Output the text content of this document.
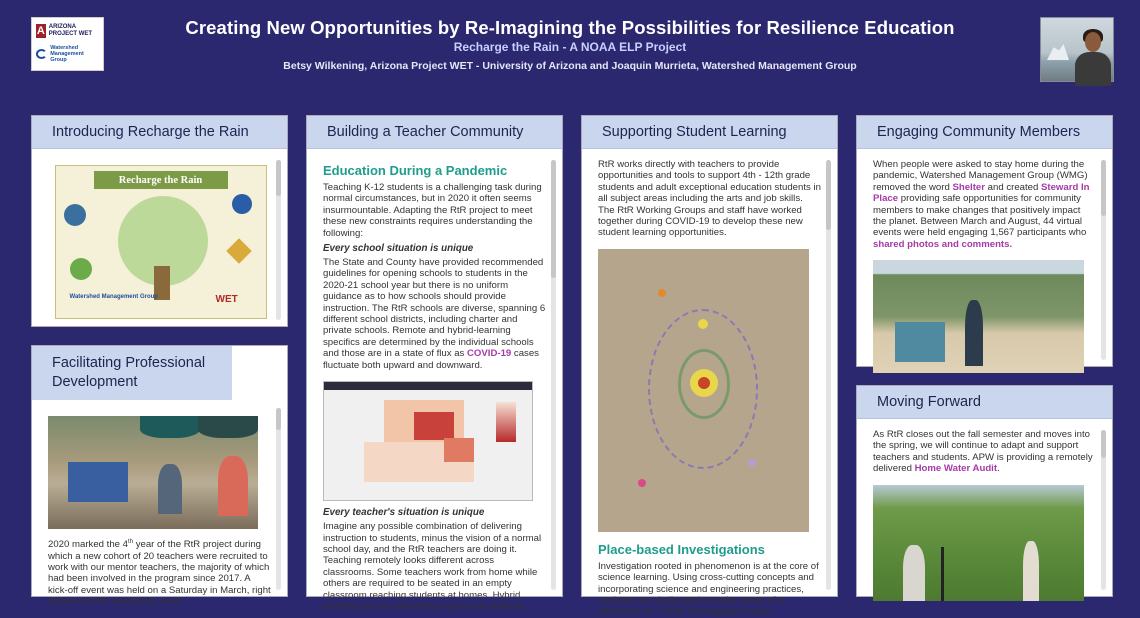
A ARIZONA PROJECT WET
Watershed Management Group
Creating New Opportunities by Re-Imagining the Possibilities for Resilience Education
Recharge the Rain - A NOAA ELP Project
Betsy Wilkening, Arizona Project WET - University of Arizona and Joaquin Murrieta, Watershed Management Group
Introducing Recharge the Rain
Recharge the Rain
Watershed Management Group	WET
Facilitating Professional Development

2020 marked the 4th year of the RtR project during which a new cohort of 20 teachers were recruited to work with our mentor teachers, the majority of which had been involved in the program since 2017. A kick-off event was held on a Saturday in March, right before COVID restrictions were

Building a Teacher Community
Education During a Pandemic

Teaching K-12 students is a challenging task during normal circumstances, but in 2020 it often seems insurmountable. Adapting the RtR project to meet these new constraints requires understanding the following:

Every school situation is unique

The State and County have provided recommended guidelines for opening schools to students in the 2020-21 school year but there is no uniform guidance as to how schools should provide instruction. The RtR schools are diverse, spanning 6 different school districts, including charter and private schools. Remote and hybrid-learning specifics are determined by the individual schools and those are in a state of flux as COVID-19 cases fluctuate both upward and downward.

Every teacher's situation is unique

Imagine any possible combination of delivering instruction to students, minus the vision of a normal school day, and the RtR teachers are doing it. Teaching remotely looks different across classrooms. Some teachers work from home while others are required to be seated in an empty classroom reaching students at homes. Hybrid learning can be overseeing a group of students

Supporting Student Learning

RtR works directly with teachers to provide opportunities and tools to support 4th - 12th grade students and adult exceptional education students in all subject areas including the arts and job skills. The RtR Working Groups and staff have worked together during COVID-19 to develop these new student learning opportunities.

Place-based Investigations

Investigation rooted in phenomenon is at the core of science learning. Using cross-cutting concepts and incorporating science and engineering practices, students are challenged to make sense of a phenomenon. These investigations have

Engaging Community Members

When people were asked to stay home during the pandemic, Watershed Management Group (WMG) removed the word Shelter and created Steward In Place providing safe opportunities for community members to make changes that positively impact the planet. Between March and August, 44 virtual events were held engaging 1,567 participants who shared photos and comments.

Moving Forward

As RtR closes out the fall semester and moves into the spring, we will continue to adapt and support teachers and students. APW is providing a remotely delivered Home Water Audit.
